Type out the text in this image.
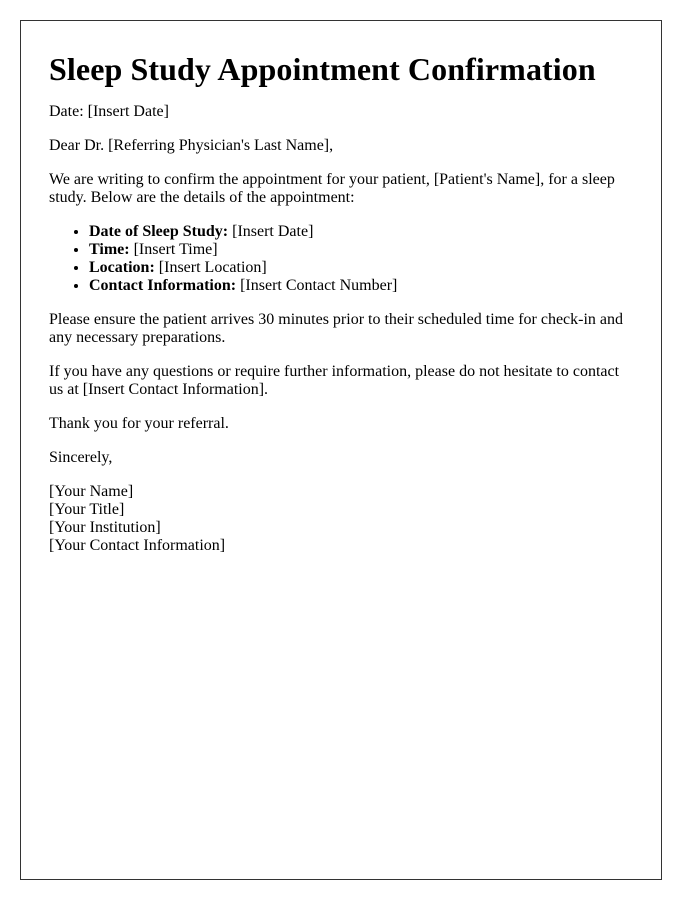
Sleep Study Appointment Confirmation

Date: [Insert Date]

Dear Dr. [Referring Physician's Last Name],

We are writing to confirm the appointment for your patient, [Patient's Name], for a sleep study. Below are the details of the appointment:

• Date of Sleep Study: [Insert Date]
• Time: [Insert Time]
• Location: [Insert Location]
• Contact Information: [Insert Contact Number]

Please ensure the patient arrives 30 minutes prior to their scheduled time for check-in and any necessary preparations.

If you have any questions or require further information, please do not hesitate to contact us at [Insert Contact Information].

Thank you for your referral.

Sincerely,

[Your Name]
[Your Title]
[Your Institution]
[Your Contact Information]
